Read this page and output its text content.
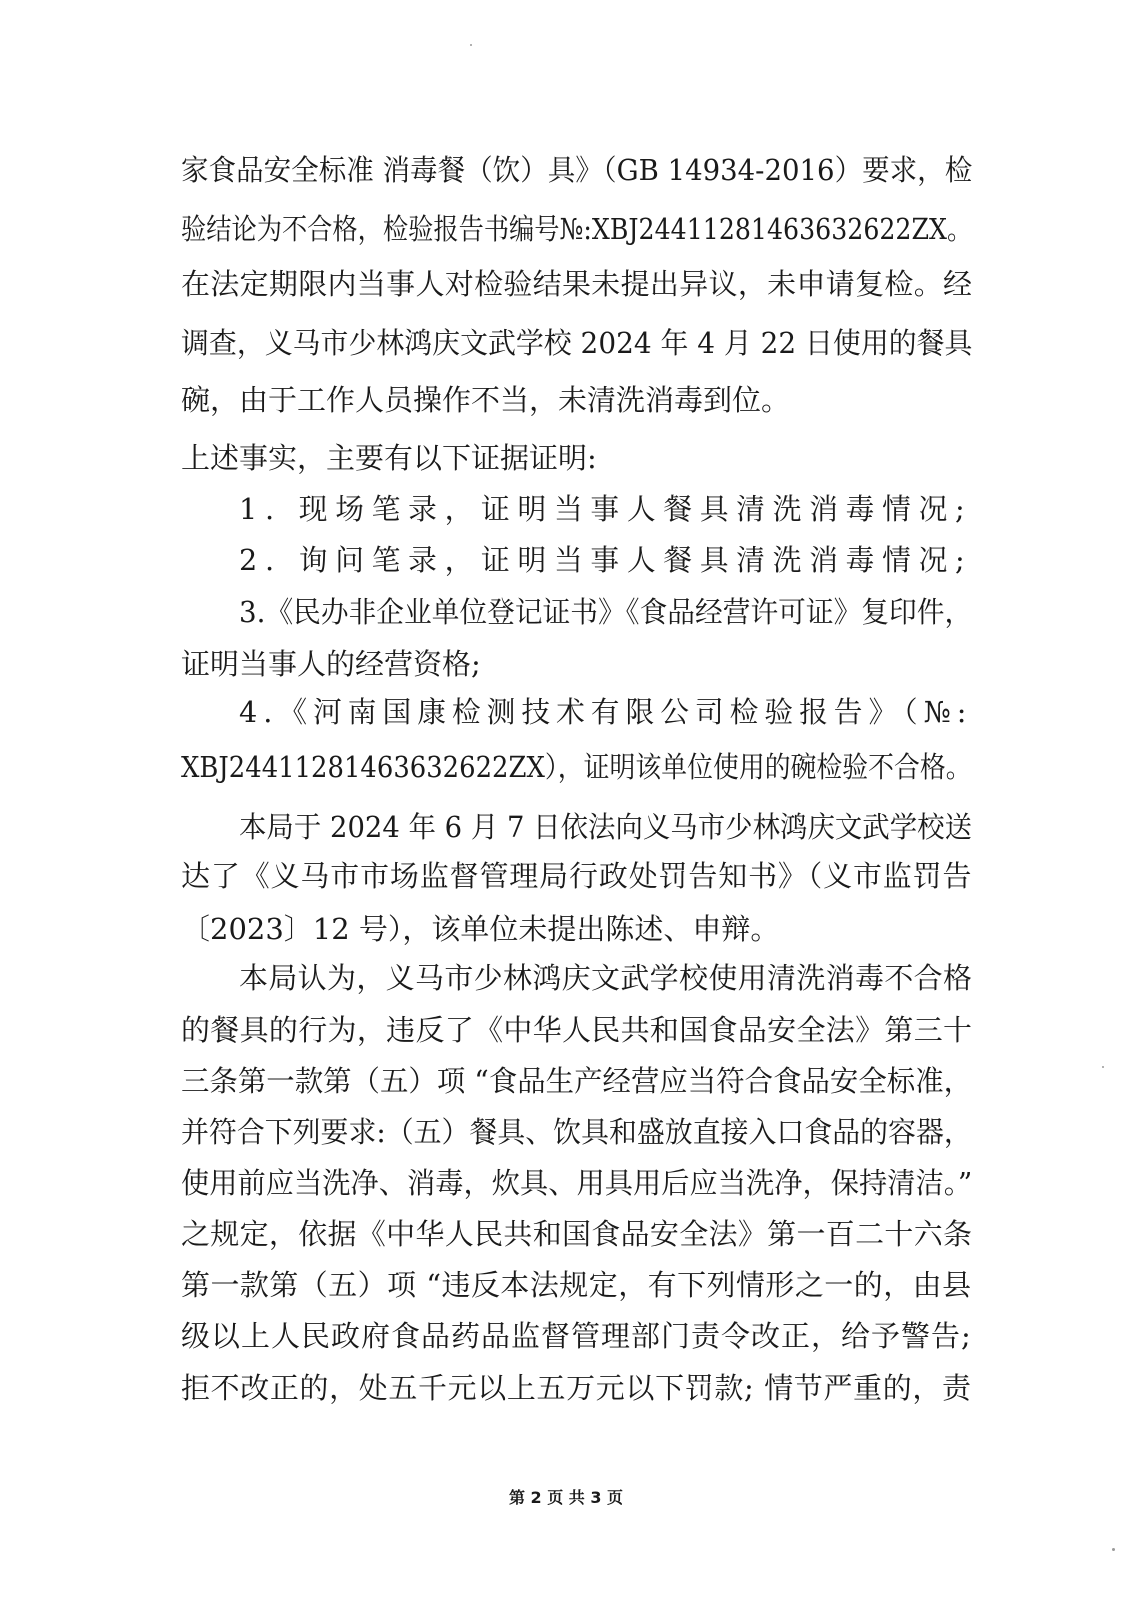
家食品安全标准 消毒餐（饮）具》（GB 14934-2016）要求，检
验结论为不合格，检验报告书编号№:XBJ24411281463632622ZX。
在法定期限内当事人对检验结果未提出异议，未申请复检。经
调查，义马市少林鸿庆文武学校 2024 年 4 月 22 日使用的餐具
碗，由于工作人员操作不当，未清洗消毒到位。
上述事实，主要有以下证据证明:
1. 现场笔录，证明当事人餐具清洗消毒情况;
2. 询问笔录，证明当事人餐具清洗消毒情况;
3.《民办非企业单位登记证书》《食品经营许可证》复印件，
证明当事人的经营资格;
4.《河南国康检测技术有限公司检验报告》（№:
XBJ24411281463632622ZX），证明该单位使用的碗检验不合格。
本局于 2024 年 6 月 7 日依法向义马市少林鸿庆文武学校送
达了《义马市市场监督管理局行政处罚告知书》（义市监罚告
〔2023〕12 号），该单位未提出陈述、申辩。
本局认为，义马市少林鸿庆文武学校使用清洗消毒不合格
的餐具的行为，违反了《中华人民共和国食品安全法》第三十
三条第一款第（五）项 “食品生产经营应当符合食品安全标准，
并符合下列要求:（五）餐具、饮具和盛放直接入口食品的容器，
使用前应当洗净、消毒，炊具、用具用后应当洗净，保持清洁。”
之规定，依据《中华人民共和国食品安全法》第一百二十六条
第一款第（五）项 “违反本法规定，有下列情形之一的，由县
级以上人民政府食品药品监督管理部门责令改正，给予警告;
拒不改正的，处五千元以上五万元以下罚款; 情节严重的，责
第 2 页 共 3 页
